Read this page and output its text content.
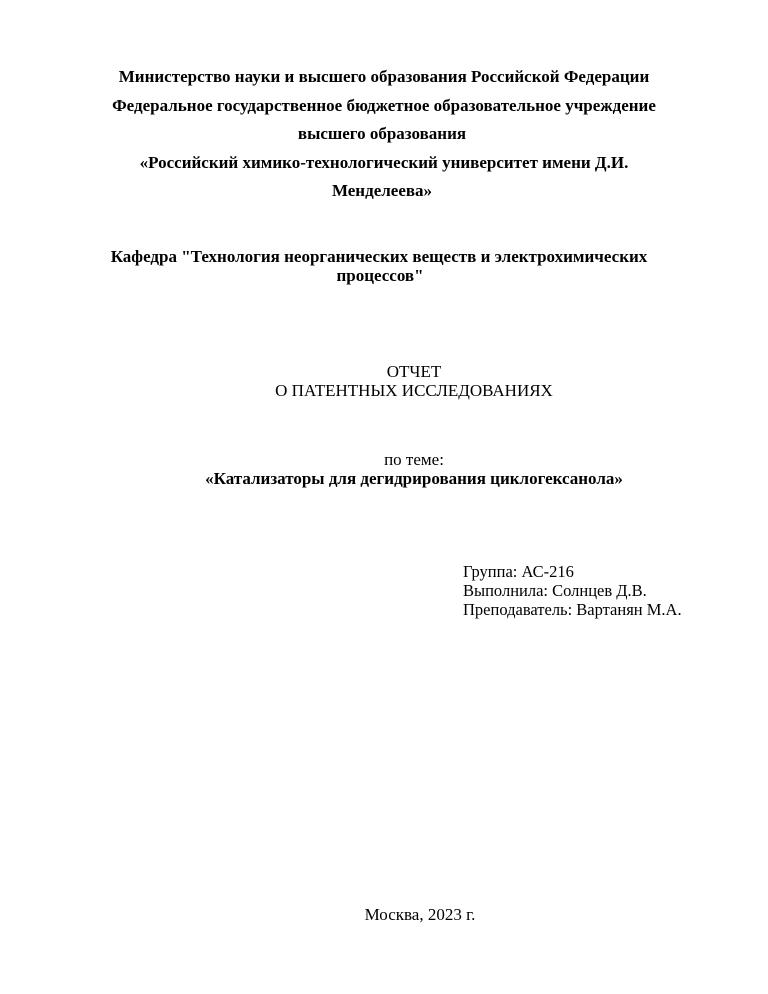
Министерство науки и высшего образования Российской Федерации
Федеральное государственное бюджетное образовательное учреждение
высшего образования
«Российский химико-технологический университет имени Д.И.
Менделеева»
Кафедра "Технология неорганических веществ и электрохимических
процессов"
ОТЧЕТ
О ПАТЕНТНЫХ ИССЛЕДОВАНИЯХ
по теме:
«Катализаторы для дегидрирования циклогексанола»
Группа: АС-216
Выполнила: Солнцев Д.В.
Преподаватель: Вартанян М.А.
Москва, 2023 г.
